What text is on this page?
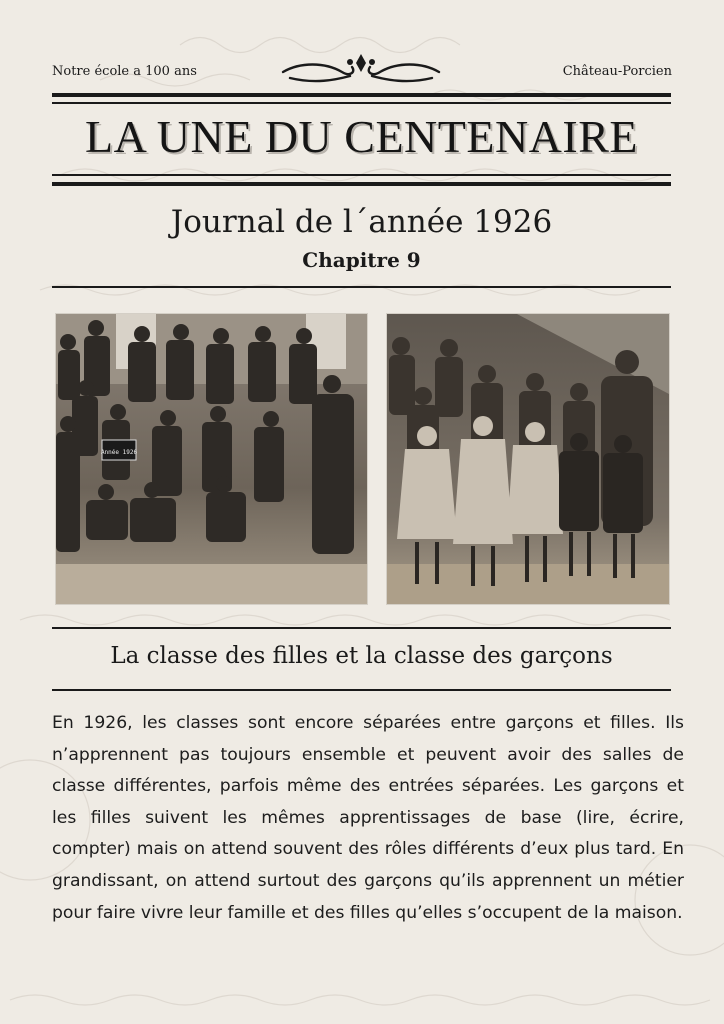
Notre école a 100 ans	Château-Porcien
LA UNE DU CENTENAIRE
Journal de l´année 1926
Chapitre 9
Année 1926
La classe des filles et la classe des garçons
En 1926, les classes sont encore séparées entre garçons et filles. Ils n’apprennent pas toujours ensemble et peuvent avoir des salles de classe différentes, parfois même des entrées séparées. Les garçons et les filles suivent les mêmes apprentissages de base (lire, écrire, compter) mais on attend souvent des rôles différents d’eux plus tard. En grandissant, on attend surtout des garçons qu’ils apprennent un métier pour faire vivre leur famille et des filles qu’elles s’occupent de la maison.
